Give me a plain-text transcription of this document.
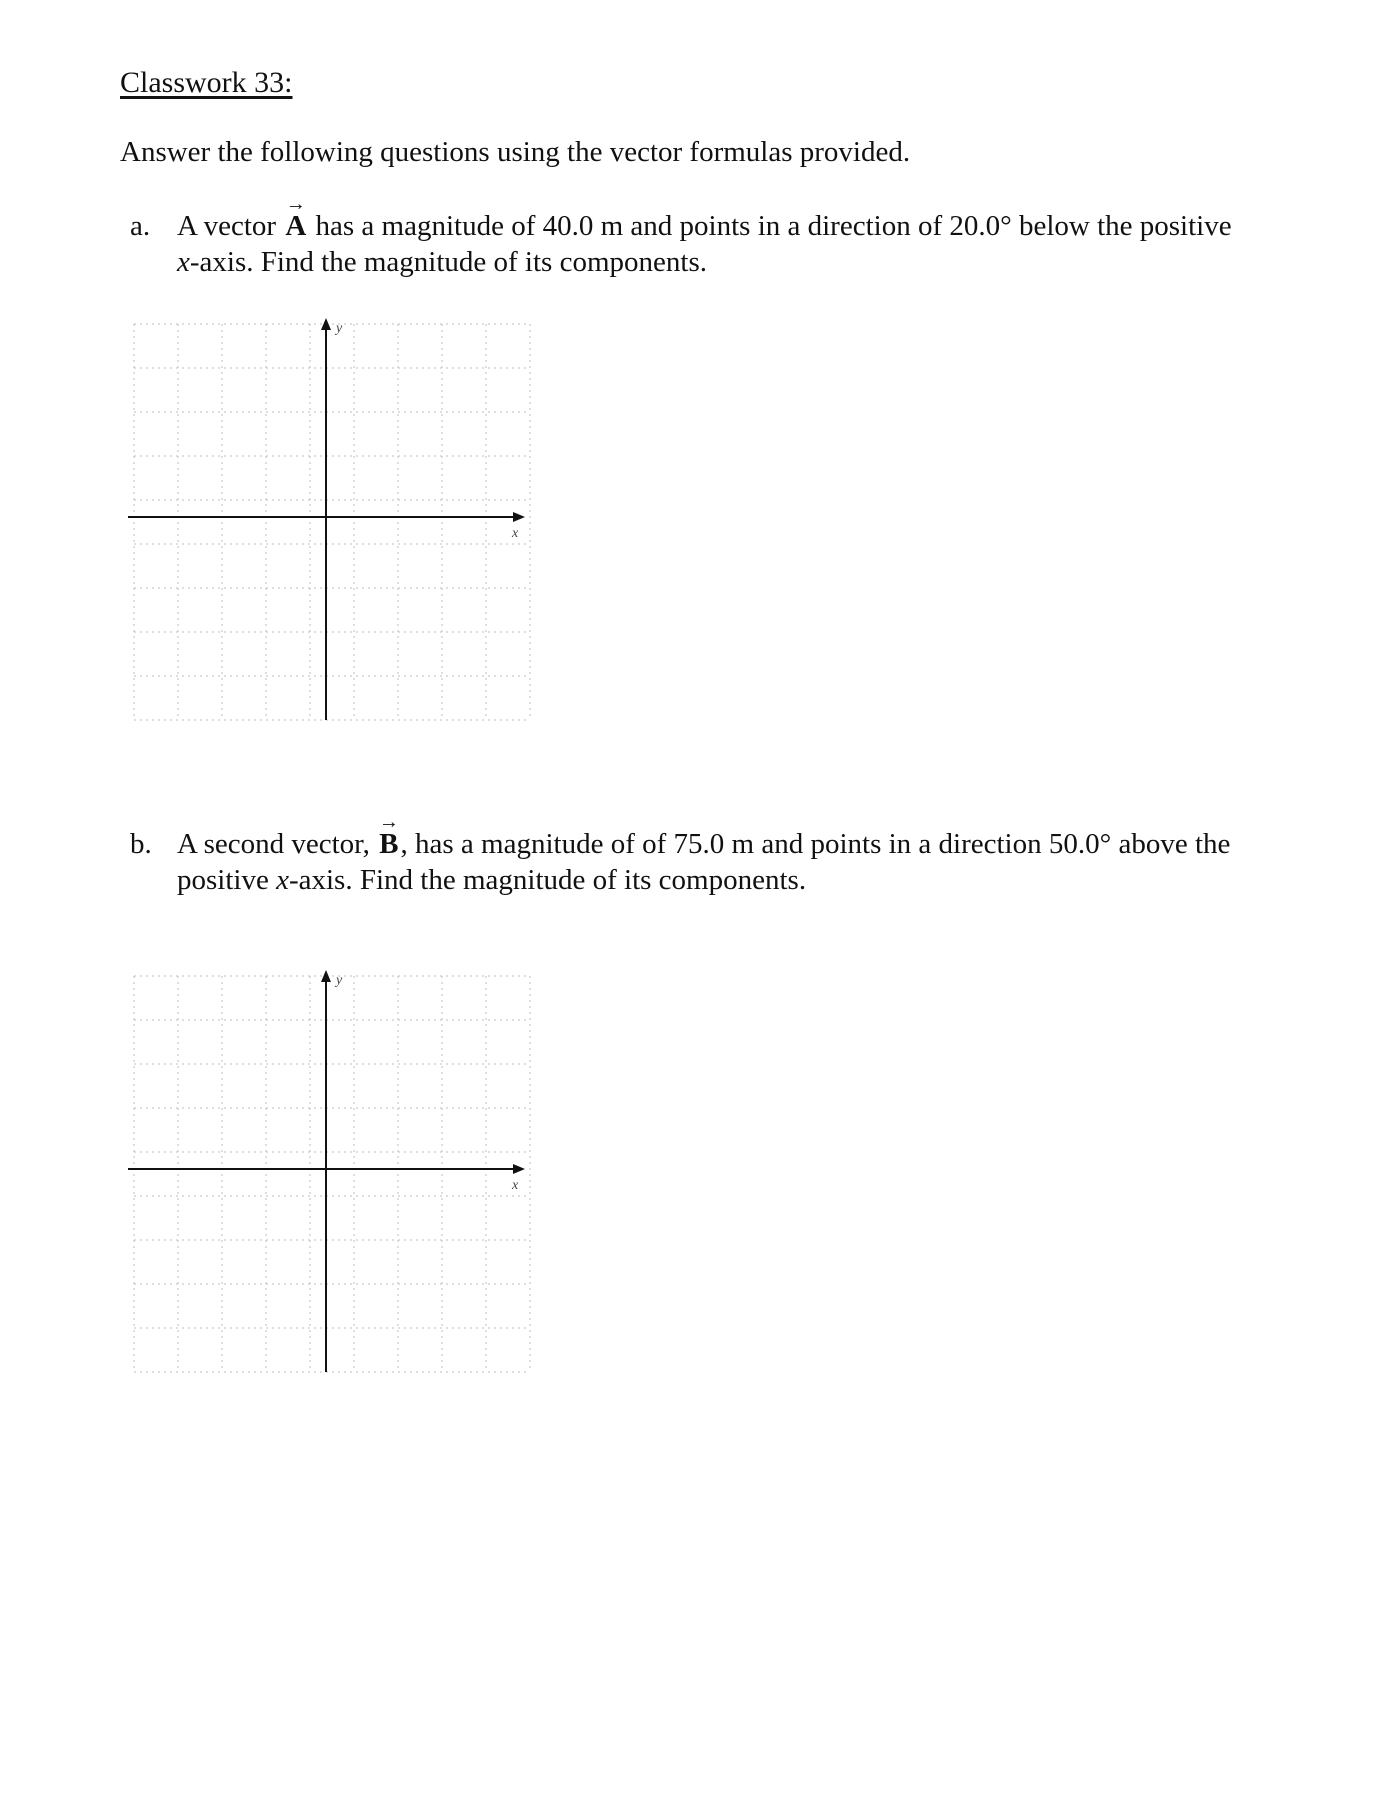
Classwork 33:
Answer the following questions using the vector formulas provided.
a. A vector
→
A has a magnitude of 40.0 m and points in a direction of 20.0° below the positive
x-axis. Find the magnitude of its components.
y
x
b. A second vector,
→
B, has a magnitude of of 75.0 m and points in a direction 50.0° above the
positive x-axis. Find the magnitude of its components.
y
x
